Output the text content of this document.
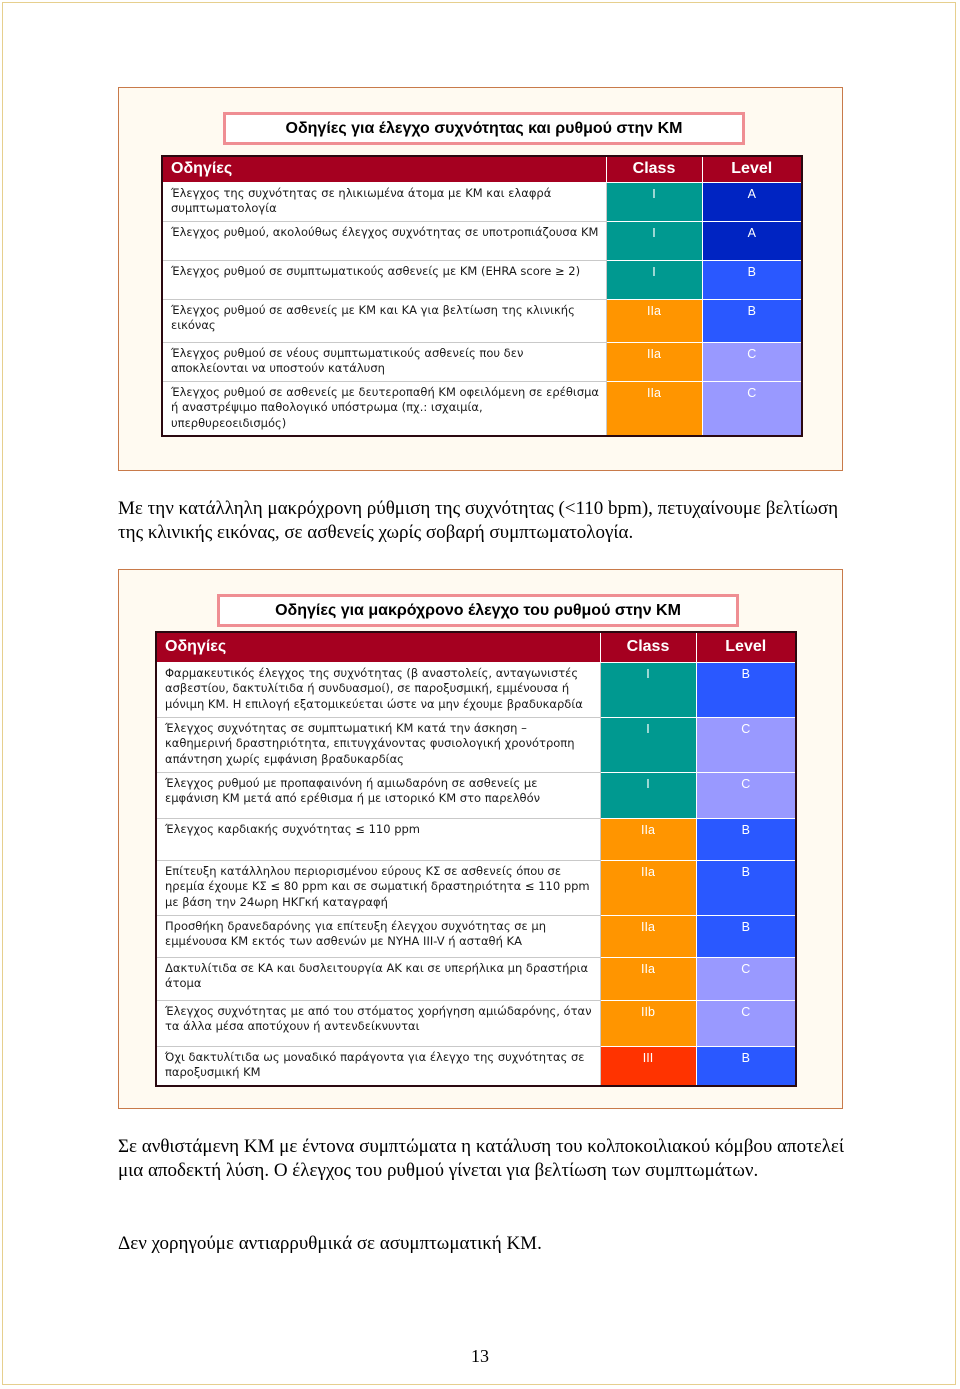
Οδηγίες για έλεγχο συχνότητας και ρυθμού στην ΚΜ
Οδηγίες	Class	Level
Έλεγχος της συχνότητας σε ηλικιωμένα άτομα με ΚΜ και ελαφρά συμπτωματολογία	I	A
Έλεγχος ρυθμού, ακολούθως έλεγχος συχνότητας σε υποτροπιάζουσα ΚΜ	I	A
Έλεγχος ρυθμού σε συμπτωματικούς ασθενείς με ΚΜ (EHRA score ≥ 2)	I	B
Έλεγχος ρυθμού σε ασθενείς με ΚΜ και ΚΑ για βελτίωση της κλινικής εικόνας	IIa	B
Έλεγχος ρυθμού σε νέους συμπτωματικούς ασθενείς που δεν αποκλείονται να υποστούν κατάλυση	IIa	C
Έλεγχος ρυθμού σε ασθενείς με δευτεροπαθή ΚΜ οφειλόμενη σε ερέθισμα ή αναστρέψιμο παθολογικό υπόστρωμα (πχ.: ισχαιμία, υπερθυρεοειδισμός)	IIa	C

Με την κατάλληλη μακρόχρονη ρύθμιση της συχνότητας (<110 bpm), πετυχαίνουμε βελτίωση της κλινικής εικόνας, σε ασθενείς χωρίς σοβαρή συμπτωματολογία.

Οδηγίες για μακρόχρονο έλεγχο του ρυθμού στην ΚΜ
Οδηγίες	Class	Level
Φαρμακευτικός έλεγχος της συχνότητας (β αναστολείς, ανταγωνιστές ασβεστίου, δακτυλίτιδα ή συνδυασμοί), σε παροξυσμική, εμμένουσα ή μόνιμη ΚΜ. Η επιλογή εξατομικεύεται ώστε να μην έχουμε βραδυκαρδία	I	B
Έλεγχος συχνότητας σε συμπτωματική ΚΜ κατά την άσκηση – καθημερινή δραστηριότητα, επιτυγχάνοντας φυσιολογική χρονότροπη απάντηση χωρίς εμφάνιση βραδυκαρδίας	I	C
Έλεγχος ρυθμού με προπαφαινόνη ή αμιωδαρόνη σε ασθενείς με εμφάνιση ΚΜ μετά από ερέθισμα ή με ιστορικό ΚΜ στο παρελθόν	I	C
Έλεγχος καρδιακής συχνότητας ≤ 110 ppm	IIa	B
Επίτευξη κατάλληλου περιορισμένου εύρους ΚΣ σε ασθενείς όπου σε ηρεμία έχουμε ΚΣ ≤ 80 ppm και σε σωματική δραστηριότητα ≤ 110 ppm με βάση την 24ωρη ΗΚΓκή καταγραφή	IIa	B
Προσθήκη δρανεδαρόνης για επίτευξη έλεγχου συχνότητας σε μη εμμένουσα ΚΜ εκτός των ασθενών με NYHA III-V ή ασταθή ΚΑ	IIa	B
Δακτυλίτιδα σε ΚΑ και δυσλειτουργία ΑΚ και σε υπερήλικα μη δραστήρια άτομα	IIa	C
Έλεγχος συχνότητας με από του στόματος χορήγηση αμιώδαρόνης, όταν τα άλλα μέσα αποτύχουν ή αντενδείκνυνται	IIb	C
Όχι δακτυλίτιδα ως μοναδικό παράγοντα για έλεγχο της συχνότητας σε παροξυσμική ΚΜ	III	B

Σε ανθιστάμενη ΚΜ με έντονα συμπτώματα η κατάλυση του κολποκοιλιακού κόμβου αποτελεί μια αποδεκτή λύση. Ο έλεγχος του ρυθμού γίνεται για βελτίωση των συμπτωμάτων.

Δεν χορηγούμε αντιαρρυθμικά σε ασυμπτωματική ΚΜ.

13
